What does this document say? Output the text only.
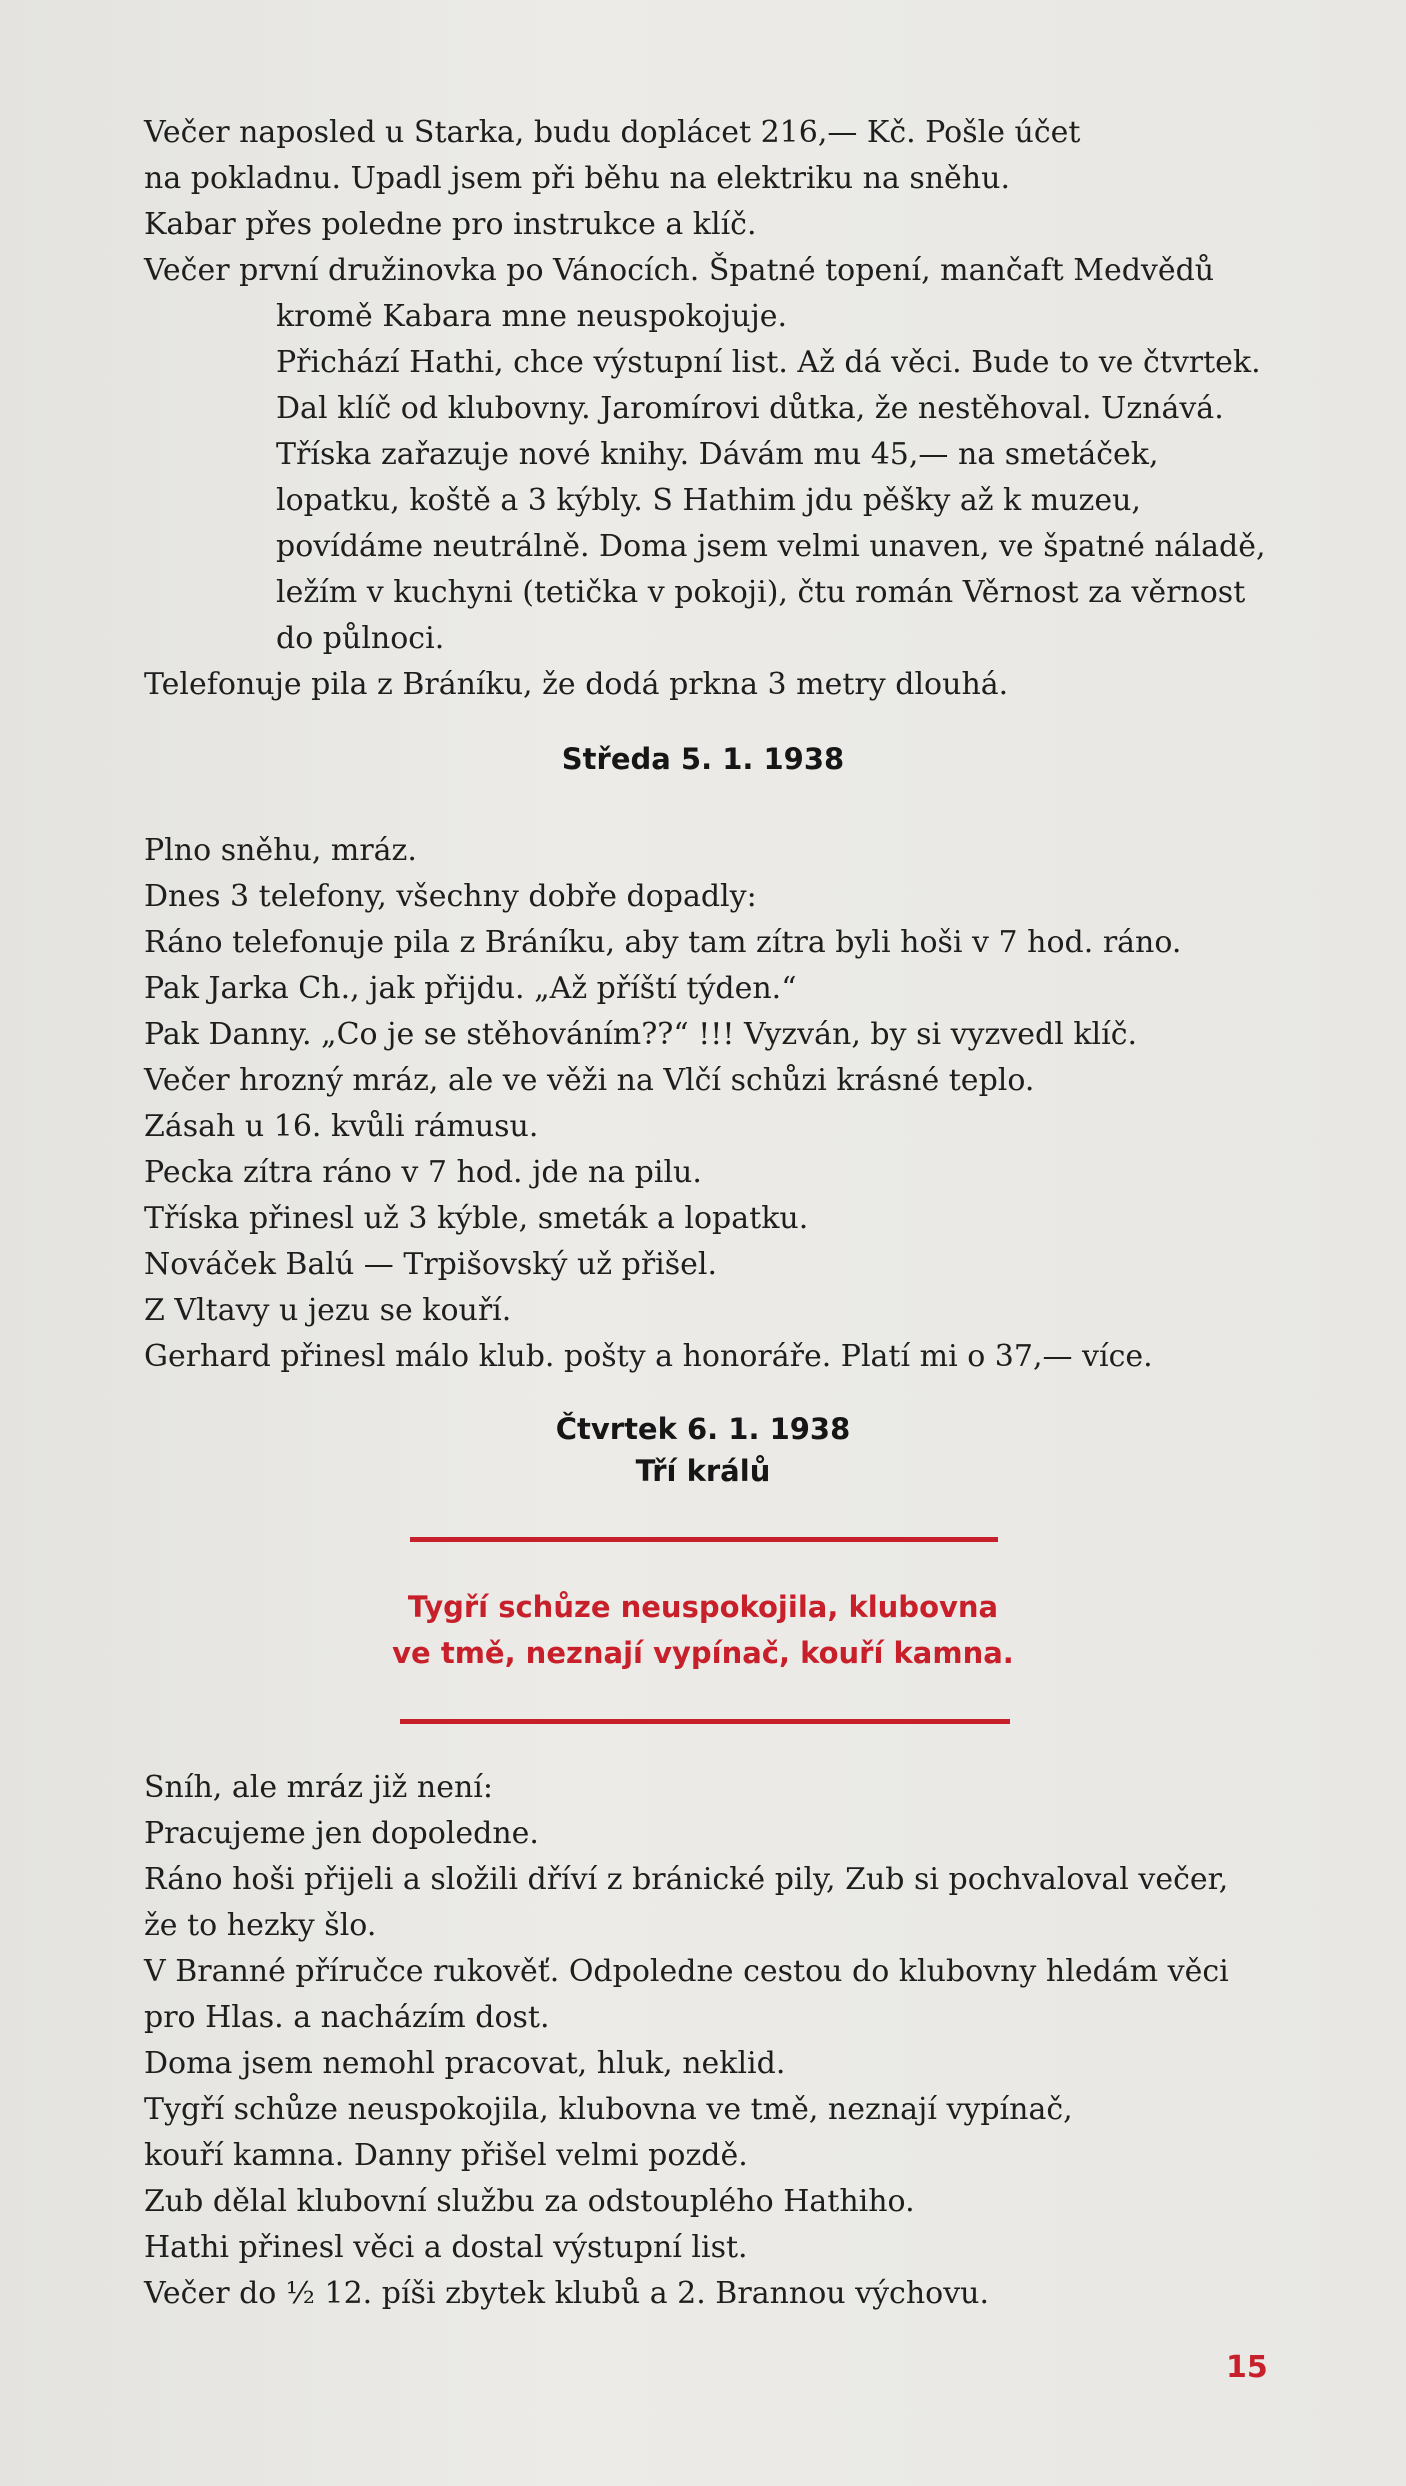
Večer naposled u Starka, budu doplácet 216,— Kč. Pošle účet
na pokladnu. Upadl jsem při běhu na elektriku na sněhu.
Kabar přes poledne pro instrukce a klíč.
Večer první družinovka po Vánocích. Špatné topení, mančaft Medvědů
kromě Kabara mne neuspokojuje.
Přichází Hathi, chce výstupní list. Až dá věci. Bude to ve čtvrtek.
Dal klíč od klubovny. Jaromírovi důtka, že nestěhoval. Uznává.
Tříska zařazuje nové knihy. Dávám mu 45,— na smetáček,
lopatku, koště a 3 kýbly. S Hathim jdu pěšky až k muzeu,
povídáme neutrálně. Doma jsem velmi unaven, ve špatné náladě,
ležím v kuchyni (tetička v pokoji), čtu román Věrnost za věrnost
do půlnoci.
Telefonuje pila z Bráníku, že dodá prkna 3 metry dlouhá.
Středa 5. 1. 1938
Plno sněhu, mráz.
Dnes 3 telefony, všechny dobře dopadly:
Ráno telefonuje pila z Bráníku, aby tam zítra byli hoši v 7 hod. ráno.
Pak Jarka Ch., jak přijdu. „Až příští týden.“
Pak Danny. „Co je se stěhováním??“ !!! Vyzván, by si vyzvedl klíč.
Večer hrozný mráz, ale ve věži na Vlčí schůzi krásné teplo.
Zásah u 16. kvůli rámusu.
Pecka zítra ráno v 7 hod. jde na pilu.
Tříska přinesl už 3 kýble, smeták a lopatku.
Nováček Balú — Trpišovský už přišel.
Z Vltavy u jezu se kouří.
Gerhard přinesl málo klub. pošty a honoráře. Platí mi o 37,— více.
Čtvrtek 6. 1. 1938
Tří králů
Tygří schůze neuspokojila, klubovna
ve tmě, neznají vypínač, kouří kamna.
Sníh, ale mráz již není:
Pracujeme jen dopoledne.
Ráno hoši přijeli a složili dříví z bránické pily, Zub si pochvaloval večer,
že to hezky šlo.
V Branné příručce rukověť. Odpoledne cestou do klubovny hledám věci
pro Hlas. a nacházím dost.
Doma jsem nemohl pracovat, hluk, neklid.
Tygří schůze neuspokojila, klubovna ve tmě, neznají vypínač,
kouří kamna. Danny přišel velmi pozdě.
Zub dělal klubovní službu za odstouplého Hathiho.
Hathi přinesl věci a dostal výstupní list.
Večer do ½ 12. píši zbytek klubů a 2. Brannou výchovu.
15
